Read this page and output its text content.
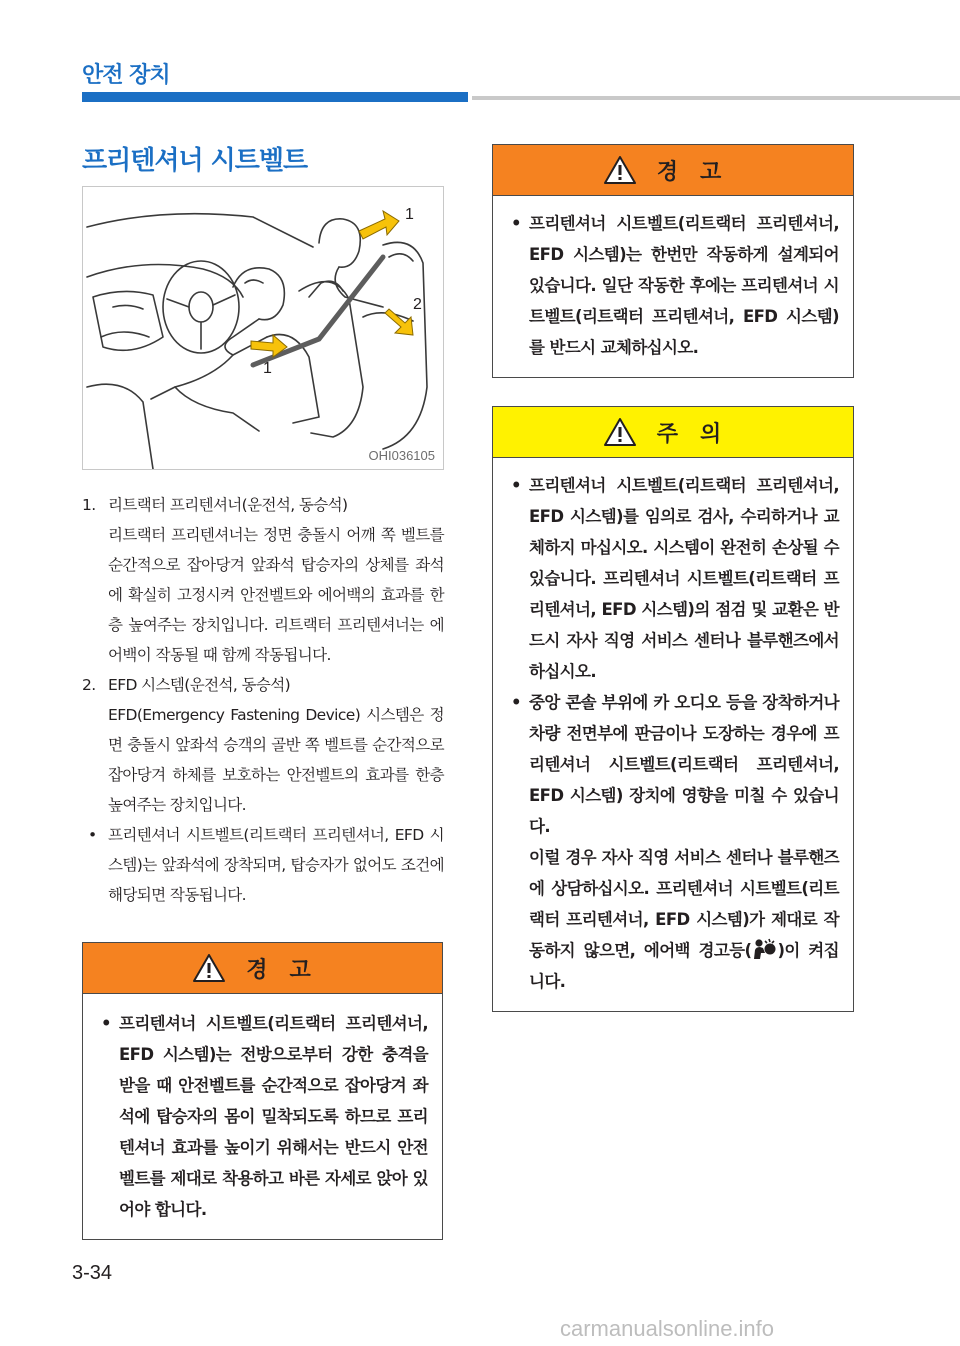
안전 장치
프리텐셔너 시트벨트
1
2
1
OHI036105
1. 리트랙터 프리텐셔너(운전석, 동승석)

리트랙터 프리텐셔너는 정면 충돌시 어깨 쪽 벨트를 순간적으로 잡아당겨 앞좌석 탑승자의 상체를 좌석에 확실히 고정시켜 안전벨트와 에어백의 효과를 한층 높여주는 장치입니다. 리트랙터 프리텐셔너는 에어백이 작동될 때 함께 작동됩니다.

2. EFD 시스템(운전석, 동승석)

EFD(Emergency Fastening Device) 시스템은 정면 충돌시 앞좌석 승객의 골반 쪽 벨트를 순간적으로 잡아당겨 하체를 보호하는 안전벨트의 효과를 한층 높여주는 장치입니다.

• 프리텐셔너 시트벨트(리트랙터 프리텐셔너, EFD 시스템)는 앞좌석에 장착되며, 탑승자가 없어도 조건에 해당되면 작동됩니다.

경고
• 프리텐셔너 시트벨트(리트랙터 프리텐셔너, EFD 시스템)는 전방으로부터 강한 충격을 받을 때 안전벨트를 순간적으로 잡아당겨 좌석에 탑승자의 몸이 밀착되도록 하므로 프리텐셔너 효과를 높이기 위해서는 반드시 안전벨트를 제대로 착용하고 바른 자세로 앉아 있어야 합니다.

경고
• 프리텐셔너 시트벨트(리트랙터 프리텐셔너, EFD 시스템)는 한번만 작동하게 설계되어 있습니다. 일단 작동한 후에는 프리텐셔너 시트벨트(리트랙터 프리텐셔너, EFD 시스템)를 반드시 교체하십시오.

주의
• 프리텐셔너 시트벨트(리트랙터 프리텐셔너, EFD 시스템)를 임의로 검사, 수리하거나 교체하지 마십시오. 시스템이 완전히 손상될 수 있습니다. 프리텐셔너 시트벨트(리트랙터 프리텐셔너, EFD 시스템)의 점검 및 교환은 반드시 자사 직영 서비스 센터나 블루핸즈에서 하십시오.

• 중앙 콘솔 부위에 카 오디오 등을 장착하거나 차량 전면부에 판금이나 도장하는 경우에 프리텐셔너 시트벨트(리트랙터 프리텐셔너, EFD 시스템) 장치에 영향을 미칠 수 있습니다.

이럴 경우 자사 직영 서비스 센터나 블루핸즈에 상담하십시오. 프리텐셔너 시트벨트(리트랙터 프리텐셔너, EFD 시스템)가 제대로 작동하지 않으면, 에어백 경고등( )이 켜집니다.

3-34
carmanualsonline.info
